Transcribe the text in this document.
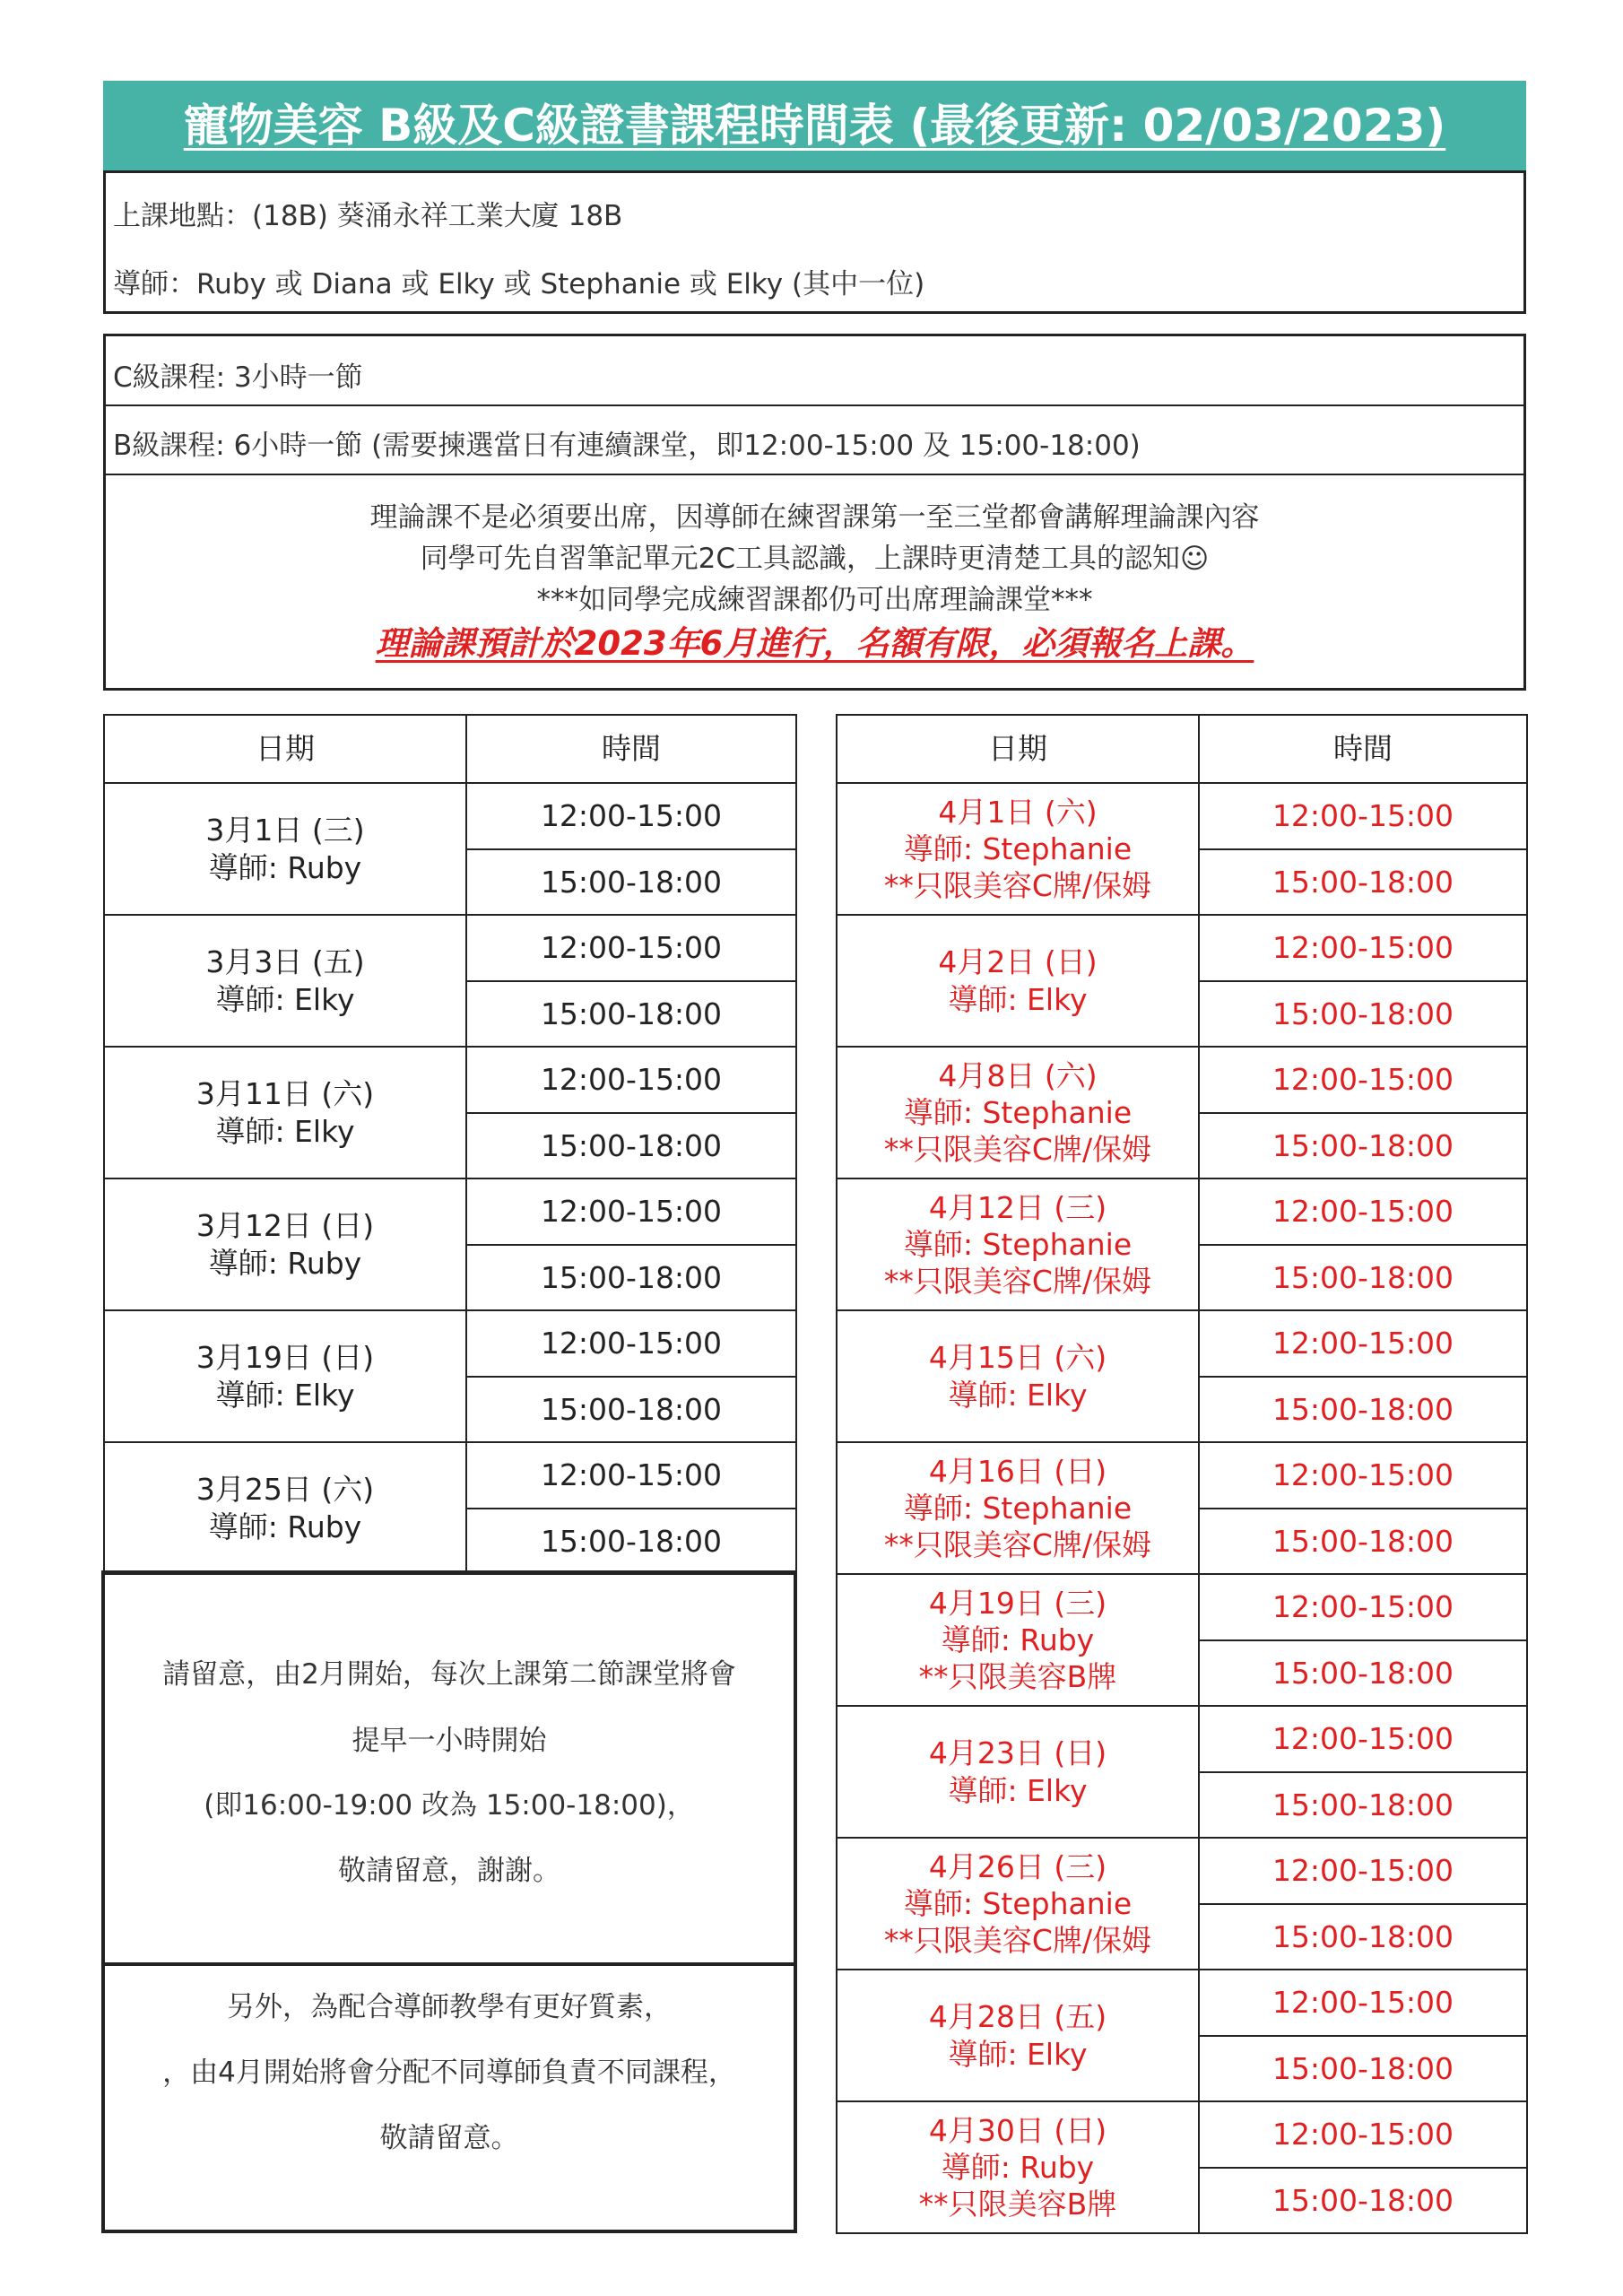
寵物美容 B級及C級證書課程時間表 (最後更新: 02/03/2023)
上課地點：(18B) 葵涌永祥工業大廈 18B
導師：Ruby 或 Diana 或 Elky 或 Stephanie 或 Elky (其中一位)
C級課程: 3小時一節
B級課程: 6小時一節 (需要揀選當日有連續課堂，即12:00-15:00 及 15:00-18:00)
理論課不是必須要出席，因導師在練習課第一至三堂都會講解理論課內容
同學可先自習筆記單元2C工具認識，上課時更清楚工具的認知☺
***如同學完成練習課都仍可出席理論課堂***
理論課預計於2023年6月進行，名額有限，必須報名上課。
日期	時間

3月1日 (三)
導師: Ruby	12:00-15:00
	15:00-18:00

3月3日 (五)
導師: Elky	12:00-15:00
	15:00-18:00

3月11日 (六)
導師: Elky	12:00-15:00
	15:00-18:00

3月12日 (日)
導師: Ruby	12:00-15:00
	15:00-18:00

3月19日 (日)
導師: Elky	12:00-15:00
	15:00-18:00

3月25日 (六)
導師: Ruby	12:00-15:00
	15:00-18:00
日期	時間

4月1日 (六)
導師: Stephanie
**只限美容C牌/保姆	12:00-15:00
	15:00-18:00

4月2日 (日)
導師: Elky	12:00-15:00
	15:00-18:00

4月8日 (六)
導師: Stephanie
**只限美容C牌/保姆	12:00-15:00
	15:00-18:00

4月12日 (三)
導師: Stephanie
**只限美容C牌/保姆	12:00-15:00
	15:00-18:00

4月15日 (六)
導師: Elky	12:00-15:00
	15:00-18:00

4月16日 (日)
導師: Stephanie
**只限美容C牌/保姆	12:00-15:00
	15:00-18:00

4月19日 (三)
導師: Ruby
**只限美容B牌	12:00-15:00
	15:00-18:00

4月23日 (日)
導師: Elky	12:00-15:00
	15:00-18:00

4月26日 (三)
導師: Stephanie
**只限美容C牌/保姆	12:00-15:00
	15:00-18:00

4月28日 (五)
導師: Elky	12:00-15:00
	15:00-18:00

4月30日 (日)
導師: Ruby
**只限美容B牌	12:00-15:00
	15:00-18:00
請留意，由2月開始，每次上課第二節課堂將會
提早一小時開始
(即16:00-19:00 改為 15:00-18:00)，
敬請留意，謝謝。
另外，為配合導師教學有更好質素，
，由4月開始將會分配不同導師負責不同課程，
敬請留意。
